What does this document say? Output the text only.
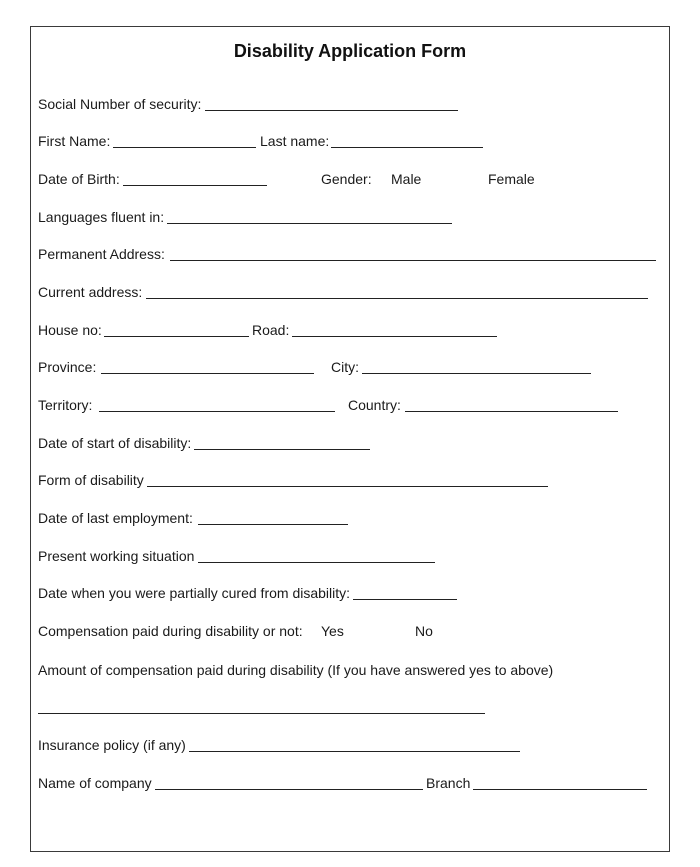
Disability Application Form
Social Number of security:
First Name:	Last name:
Date of Birth:	Gender: Male	Female
Languages fluent in:
Permanent Address:
Current address:
House no:	Road:
Province:	City:
Territory:	Country:
Date of start of disability:
Form of disability
Date of last employment:
Present working situation
Date when you were partially cured from disability:
Compensation paid during disability or not: Yes	No
Amount of compensation paid during disability (If you have answered yes to above)
Insurance policy (if any)
Name of company	Branch
